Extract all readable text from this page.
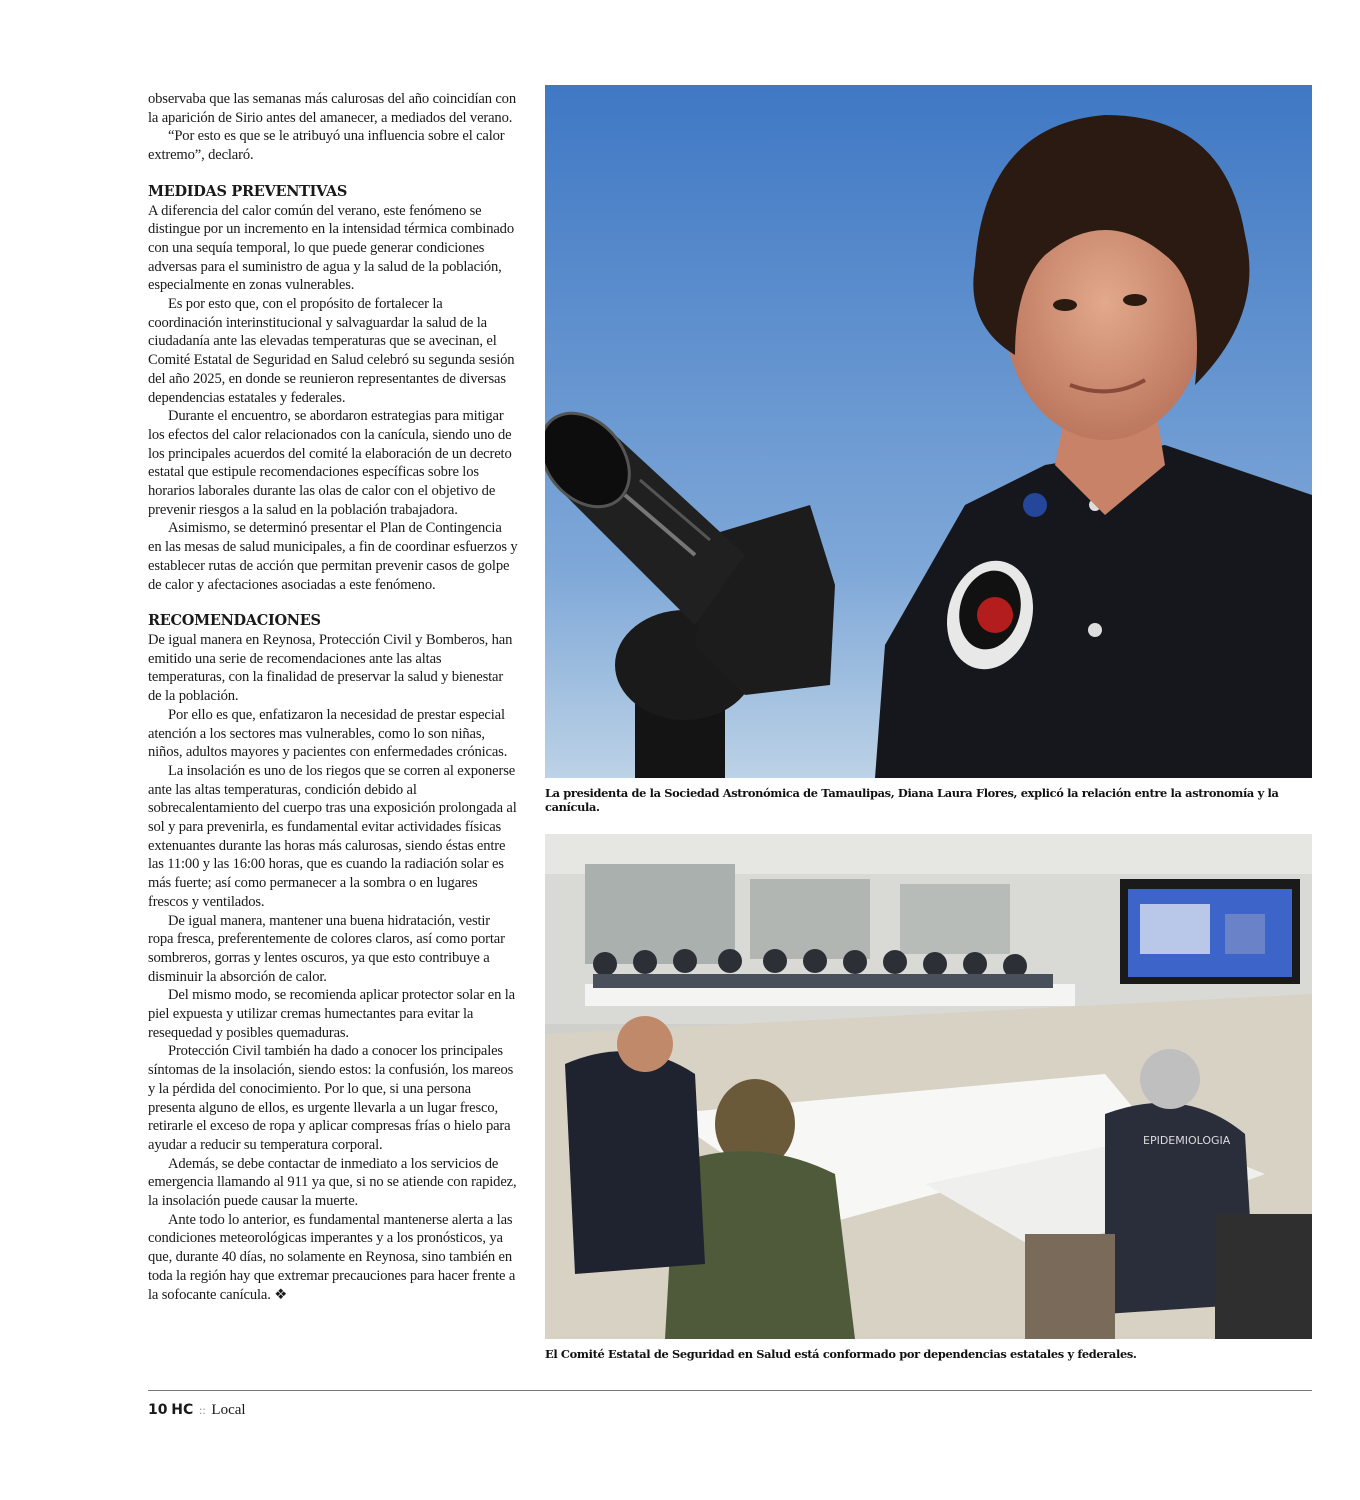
observaba que las semanas más calurosas del año coincidían con la aparición de Sirio antes del amanecer, a mediados del verano.

“Por esto es que se le atribuyó una influencia sobre el calor extremo”, declaró.

MEDIDAS PREVENTIVAS

A diferencia del calor común del verano, este fenómeno se distingue por un incremento en la intensidad térmica combinado con una sequía temporal, lo que puede generar condiciones adversas para el suministro de agua y la salud de la población, especialmente en zonas vulnerables.

Es por esto que, con el propósito de fortalecer la coordinación interinstitucional y salvaguardar la salud de la ciudadanía ante las elevadas temperaturas que se avecinan, el Comité Estatal de Seguridad en Salud celebró su segunda sesión del año 2025, en donde se reunieron representantes de diversas dependencias estatales y federales.

Durante el encuentro, se abordaron estrategias para mitigar los efectos del calor relacionados con la canícula, siendo uno de los principales acuerdos del comité la elaboración de un decreto estatal que estipule recomendaciones específicas sobre los horarios laborales durante las olas de calor con el objetivo de prevenir riesgos a la salud en la población trabajadora.

Asimismo, se determinó presentar el Plan de Contingencia en las mesas de salud municipales, a fin de coordinar esfuerzos y establecer rutas de acción que permitan prevenir casos de golpe de calor y afectaciones asociadas a este fenómeno.

RECOMENDACIONES

De igual manera en Reynosa, Protección Civil y Bomberos, han emitido una serie de recomendaciones ante las altas temperaturas, con la finalidad de preservar la salud y bienestar de la población.

Por ello es que, enfatizaron la necesidad de prestar especial atención a los sectores mas vulnerables, como lo son niñas, niños, adultos mayores y pacientes con enfermedades crónicas.

La insolación es uno de los riegos que se corren al exponerse ante las altas temperaturas, condición debido al sobrecalentamiento del cuerpo tras una exposición prolongada al sol y para prevenirla, es fundamental evitar actividades físicas extenuantes durante las horas más calurosas, siendo éstas entre las 11:00 y las 16:00 horas, que es cuando la radiación solar es más fuerte; así como permanecer a la sombra o en lugares frescos y ventilados.

De igual manera, mantener una buena hidratación, vestir ropa fresca, preferentemente de colores claros, así como portar sombreros, gorras y lentes oscuros, ya que esto contribuye a disminuir la absorción de calor.

Del mismo modo, se recomienda aplicar protector solar en la piel expuesta y utilizar cremas humectantes para evitar la resequedad y posibles quemaduras.

Protección Civil también ha dado a conocer los principales síntomas de la insolación, siendo estos: la confusión, los mareos y la pérdida del conocimiento. Por lo que, si una persona presenta alguno de ellos, es urgente llevarla a un lugar fresco, retirarle el exceso de ropa y aplicar compresas frías o hielo para ayudar a reducir su temperatura corporal.

Además, se debe contactar de inmediato a los servicios de emergencia llamando al 911 ya que, si no se atiende con rapidez, la insolación puede causar la muerte.

Ante todo lo anterior, es fundamental mantenerse alerta a las condiciones meteorológicas imperantes y a los pronósticos, ya que, durante 40 días, no solamente en Reynosa, sino también en toda la región hay que extremar precauciones para hacer frente a la sofocante canícula. ❖

La presidenta de la Sociedad Astronómica de Tamaulipas, Diana Laura Flores, explicó la relación entre la astronomía y la canícula.
EPIDEMIOLOGIA
El Comité Estatal de Seguridad en Salud está conformado por dependencias estatales y federales.
10 HC :: Local
